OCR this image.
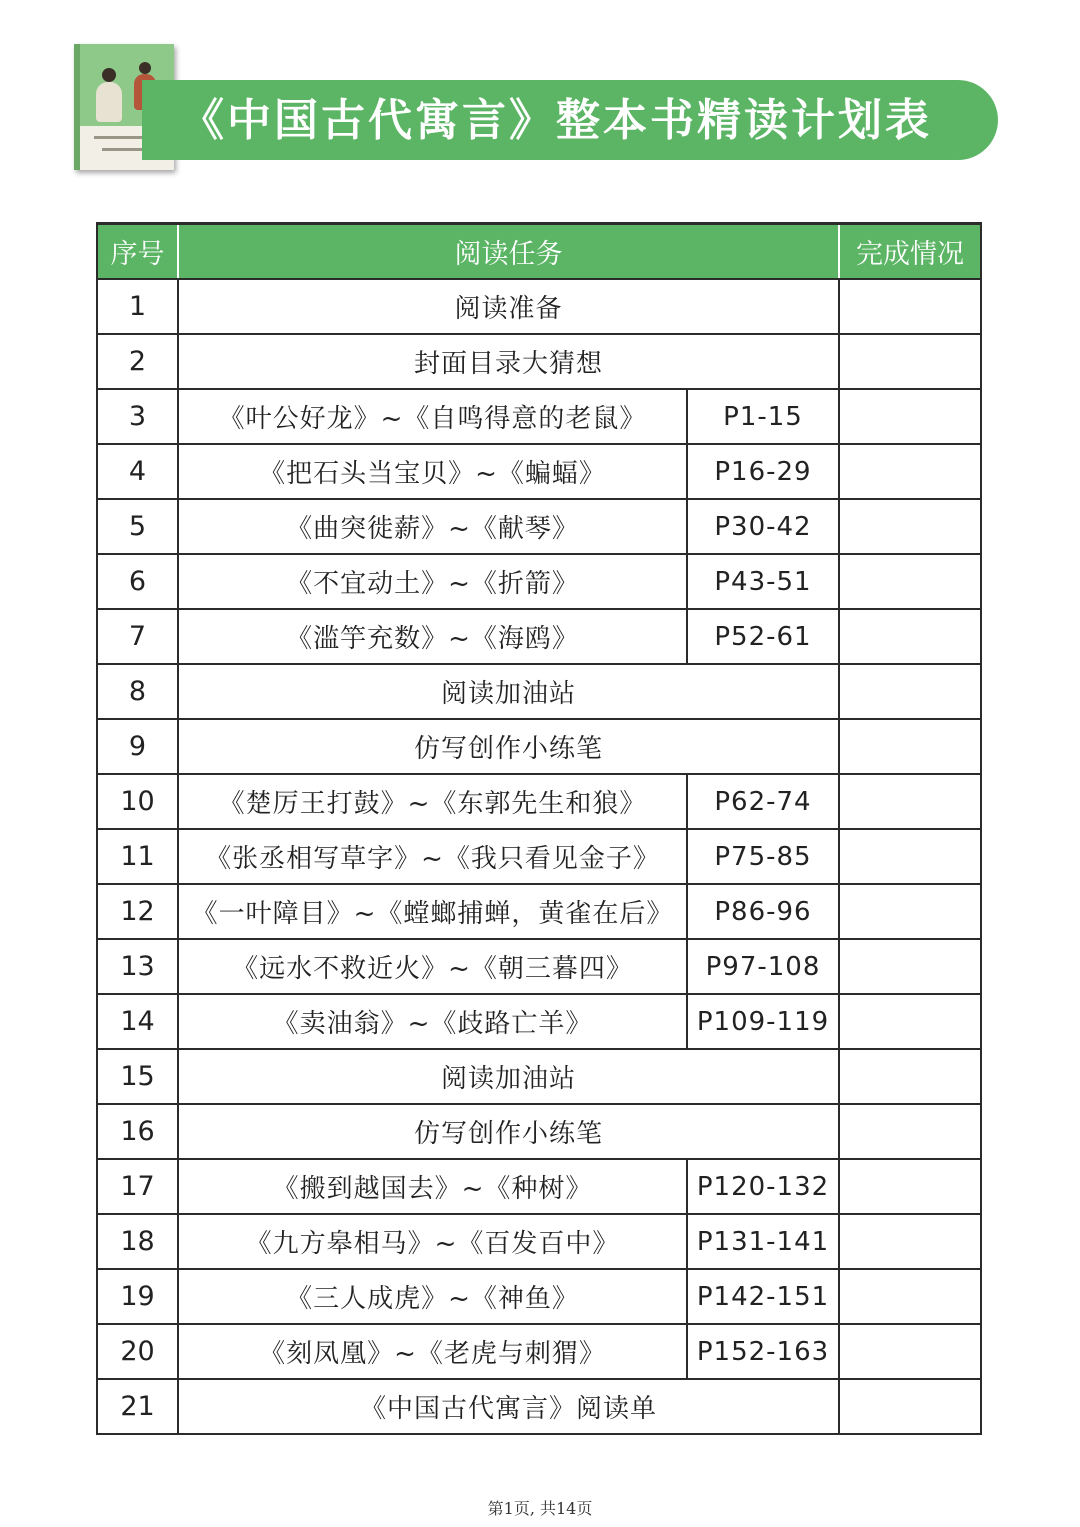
《中国古代寓言》整本书精读计划表
序号	阅读任务		完成情况
1	阅读准备		
2	封面目录大猜想		
3	《叶公好龙》~《自鸣得意的老鼠》	P1-15	
4	《把石头当宝贝》~《蝙蝠》	P16-29	
5	《曲突徙薪》~《献琴》	P30-42	
6	《不宜动土》~《折箭》	P43-51	
7	《滥竽充数》~《海鸥》	P52-61	
8	阅读加油站		
9	仿写创作小练笔		
10	《楚厉王打鼓》~《东郭先生和狼》	P62-74	
11	《张丞相写草字》~《我只看见金子》	P75-85	
12	《一叶障目》~《螳螂捕蝉，黄雀在后》	P86-96	
13	《远水不救近火》~《朝三暮四》	P97-108	
14	《卖油翁》~《歧路亡羊》	P109-119	
15	阅读加油站		
16	仿写创作小练笔		
17	《搬到越国去》~《种树》	P120-132	
18	《九方皋相马》~《百发百中》	P131-141	
19	《三人成虎》~《神鱼》	P142-151	
20	《刻凤凰》~《老虎与刺猬》	P152-163	
21	《中国古代寓言》阅读单		
第1页, 共14页
